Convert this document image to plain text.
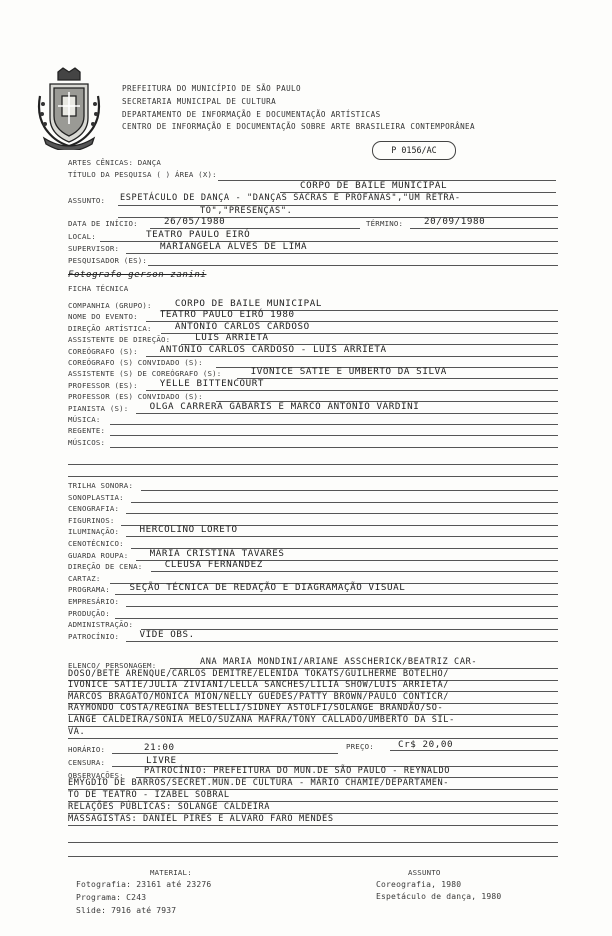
PREFEITURA DO MUNICÍPIO DE SÃO PAULO
SECRETARIA MUNICIPAL DE CULTURA
DEPARTAMENTO DE INFORMAÇÃO E DOCUMENTAÇÃO ARTÍSTICAS
CENTRO DE INFORMAÇÃO E DOCUMENTAÇÃO SOBRE ARTE BRASILEIRA CONTEMPORÂNEA
P 0156/AC
ARTES CÊNICAS: DANÇA
TÍTULO DA PESQUISA ( ) ÁREA (X):
CORPO DE BAILE MUNICIPAL
ASSUNTO: ESPETÁCULO DE DANÇA - "DANÇAS SACRAS E PROFANAS","UM RETRA-
TO","PRESENÇAS".
DATA DE INÍCIO:	26/05/1980	TÉRMINO: 20/09/1980
LOCAL:	TEATRO PAULO EIRÓ
SUPERVISOR:	MARIANGELA ALVES DE LIMA
PESQUISADOR (ES):
Fotografo gerson zanini
FICHA TÉCNICA
COMPANHIA (GRUPO):	CORPO DE BAILE MUNICIPAL
NOME DO EVENTO: TEATRO PAULO EIRÓ 1980
DIREÇÃO ARTÍSTICA:	ANTONIO CARLOS CARDOSO
ASSISTENTE DE DIREÇÃO:	LUIS ARRIETA
COREÓGRAFO (S): ANTONIO CARLOS CARDOSO - LUIS ARRIETA
COREÓGRAFO (S) CONVIDADO (S):
ASSISTENTE (S) DE COREÓGRAFO (S):	IVONICE SATIE E UMBERTO DA SILVA
PROFESSOR (ES): YELLE BITTENCOURT
PROFESSOR (ES) CONVIDADO (S):
PIANISTA (S): OLGA CARRERA GABARIS E MARCO ANTONIO VARDINI
MÚSICA:
REGENTE:
MÚSICOS:
TRILHA SONORA:
SONOPLASTIA:
CENOGRAFIA:
FIGURINOS:
ILUMINAÇÃO: HERCOLINO LORETO
CENOTÉCNICO:
GUARDA ROUPA: MARIA CRISTINA TAVARES
DIREÇÃO DE CENA: CLEUSA FERNANDEZ
CARTAZ:
PROGRAMA: SEÇÃO TÉCNICA DE REDAÇÃO E DIAGRAMAÇÃO VISUAL
EMPRESÁRIO:
PRODUÇÃO:
ADMINISTRAÇÃO:
PATROCÍNIO: VIDE OBS.
ELENCO/ PERSONAGEM:	ANA MARIA MONDINI/ARIANE ASSCHERICK/BEATRIZ CAR-
DOSO/BETE ARENQUE/CARLOS DEMITRE/ELENIDA TOKATS/GUILHERME BOTELHO/
IVONICE SATIE/JULIA ZIVIANI/LELLA SANCHES/LILIA SHOW/LUIS ARRIETA/
MARCOS BRAGATO/MONICA MION/NELLY GUEDES/PATTY BROWN/PAULO CONTICR/
RAYMONDO COSTA/REGINA BESTELLI/SIDNEY ASTOLFI/SOLANGE BRANDÃO/SO-
LANGE CALDEIRA/SONIA MELO/SUZANA MAFRA/TONY CALLADO/UMBERTO DA SIL-
VA.
HORÁRIO:	21:00	PREÇO:	Cr$ 20,00
CENSURA:	LIVRE
OBSERVAÇÕES: PATROCÍNIO: PREFEITURA DO MUN.DE SÃO PAULO - REYNALDO
EMYGDIO DE BARROS/SECRET.MUN.DE CULTURA - MÁRIO CHAMIE/DEPARTAMEN-
TO DE TEATRO - IZABEL SOBRAL
RELAÇÕES PÚBLICAS: SOLANGE CALDEIRA
MASSAGISTAS: DANIEL PIRES E ALVARO FARO MENDES
MATERIAL:
Fotografia: 23161 até 23276
Programa: C243
Slide: 7916 até 7937
ASSUNTO
Coreografia, 1980
Espetáculo de dança, 1980
